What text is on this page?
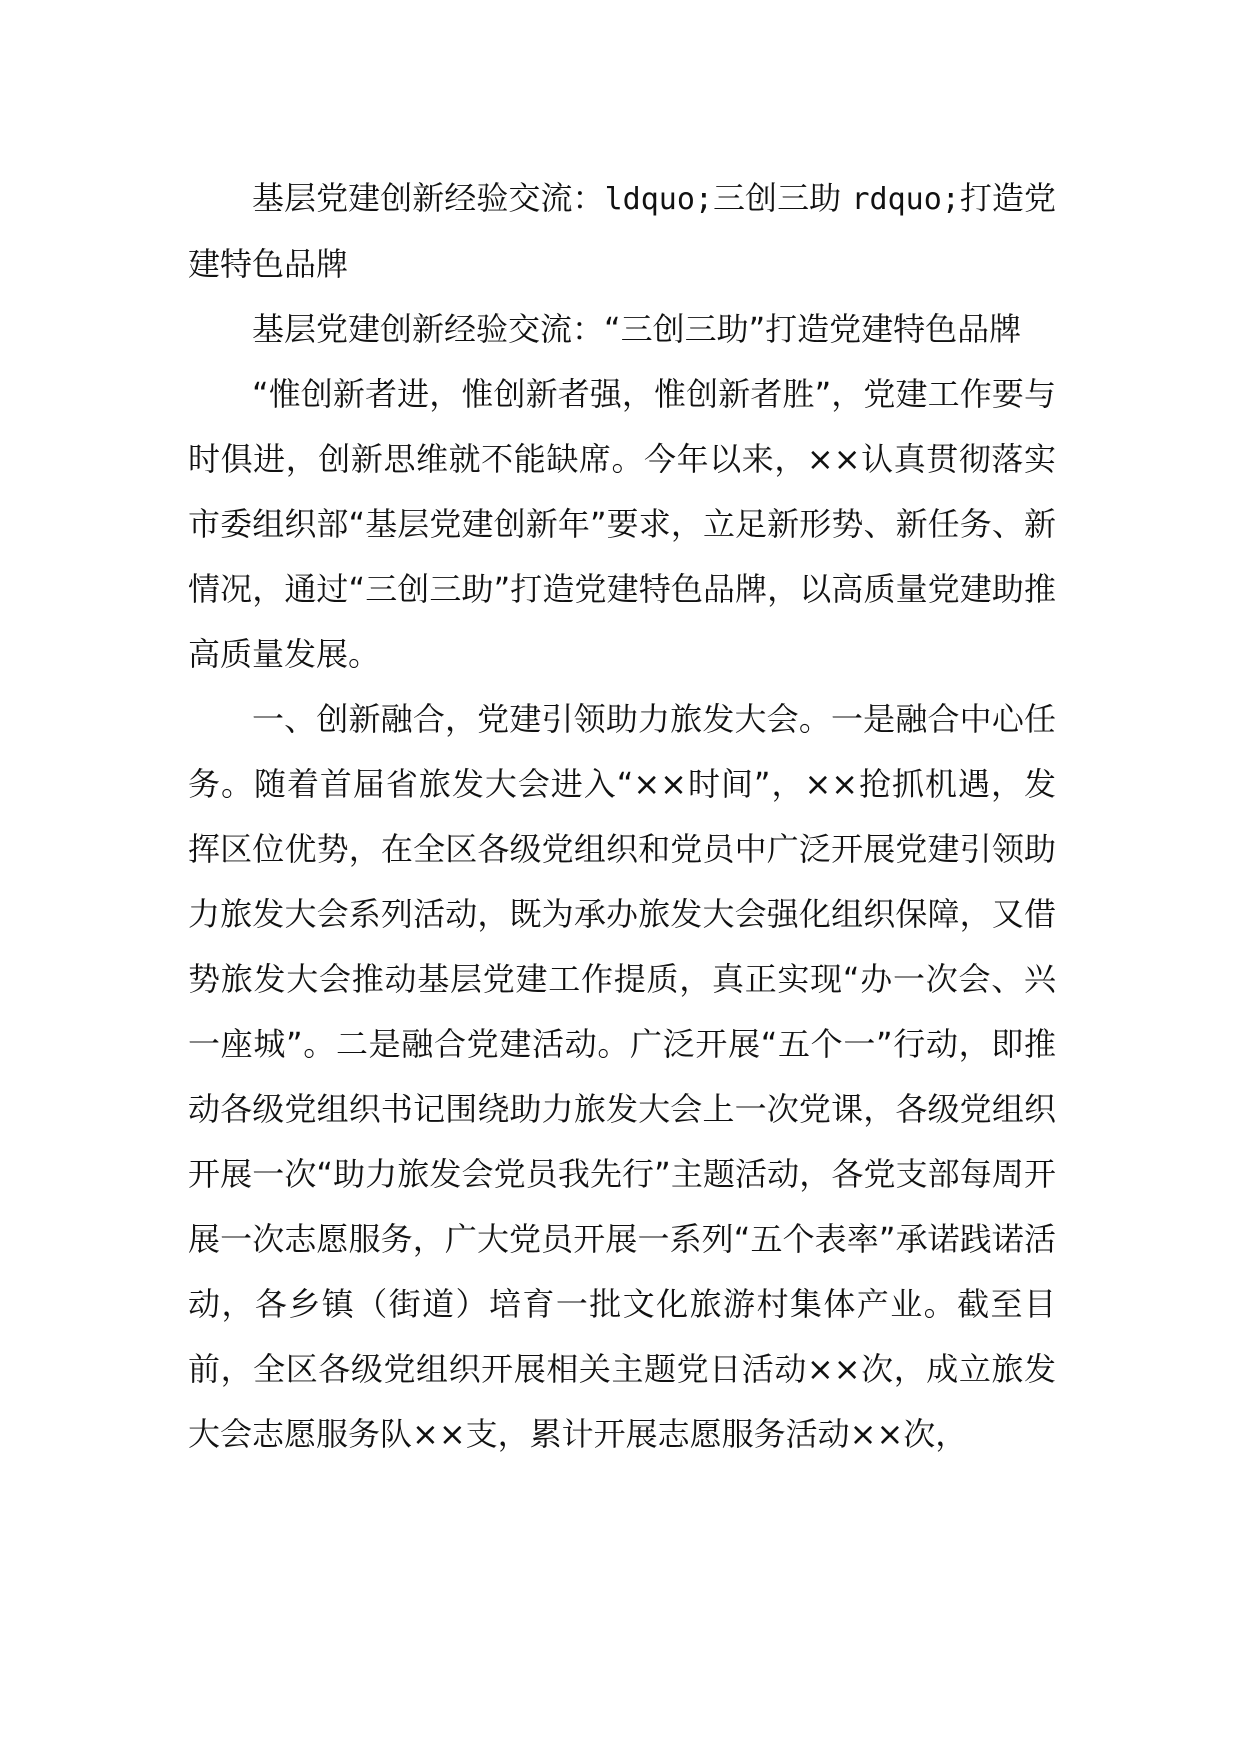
基层党建创新经验交流：ldquo;三创三助 rdquo;打造党建特色品牌

基层党建创新经验交流：“三创三助”打造党建特色品牌

“惟创新者进，惟创新者强，惟创新者胜”，党建工作要与时俱进，创新思维就不能缺席。今年以来，××认真贯彻落实市委组织部“基层党建创新年”要求，立足新形势、新任务、新情况，通过“三创三助”打造党建特色品牌，以高质量党建助推高质量发展。

一、创新融合，党建引领助力旅发大会。一是融合中心任务。随着首届省旅发大会进入“××时间”，××抢抓机遇，发挥区位优势，在全区各级党组织和党员中广泛开展党建引领助力旅发大会系列活动，既为承办旅发大会强化组织保障，又借势旅发大会推动基层党建工作提质，真正实现“办一次会、兴一座城”。二是融合党建活动。广泛开展“五个一”行动，即推动各级党组织书记围绕助力旅发大会上一次党课，各级党组织开展一次“助力旅发会党员我先行”主题活动，各党支部每周开展一次志愿服务，广大党员开展一系列“五个表率”承诺践诺活动，各乡镇（街道）培育一批文化旅游村集体产业。截至目前，全区各级党组织开展相关主题党日活动××次，成立旅发大会志愿服务队××支，累计开展志愿服务活动××次，
